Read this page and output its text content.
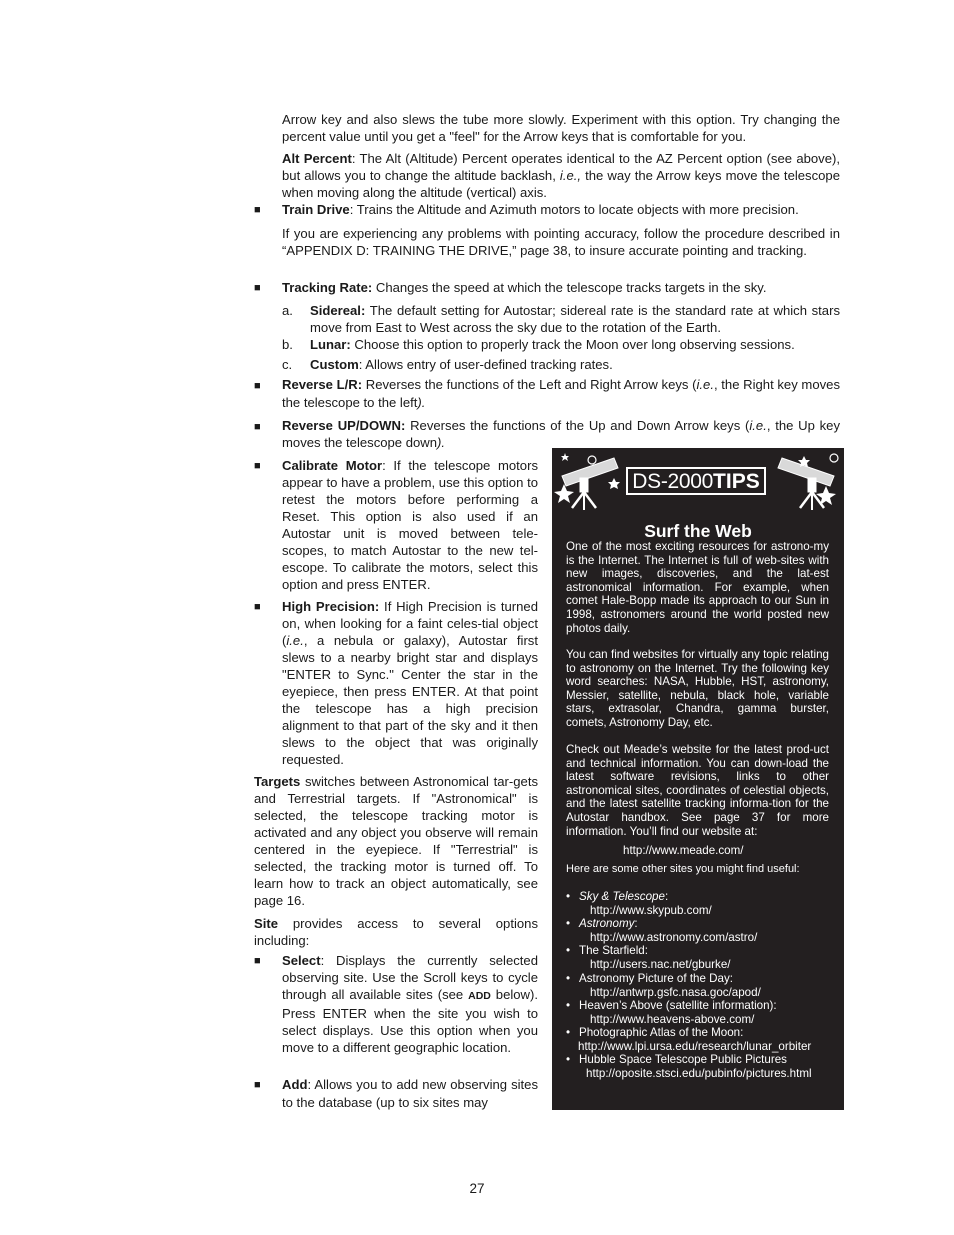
Arrow key and also slews the tube more slowly. Experiment with this option. Try changing the percent value until you get a "feel" for the Arrow keys that is comfortable for you.

Alt Percent: The Alt (Altitude) Percent operates identical to the AZ Percent option (see above), but allows you to change the altitude backlash, i.e., the way the Arrow keys move the telescope when moving along the altitude (vertical) axis.

■	Train Drive: Trains the Altitude and Azimuth motors to locate objects with more precision.

If you are experiencing any problems with pointing accuracy, follow the procedure described in “APPENDIX D: TRAINING THE DRIVE,” page 38, to insure accurate pointing and tracking.

■	Tracking Rate: Changes the speed at which the telescope tracks targets in the sky.

a.	Sidereal: The default setting for Autostar; sidereal rate is the standard rate at which stars move from East to West across the sky due to the rotation of the Earth.

b.	Lunar: Choose this option to properly track the Moon over long observing sessions.

c.	Custom: Allows entry of user-defined tracking rates.

■	Reverse L/R: Reverses the functions of the Left and Right Arrow keys (i.e., the Right key moves the telescope to the left).

■	Reverse UP/DOWN: Reverses the functions of the Up and Down Arrow keys (i.e., the Up key moves the telescope down).

■	Calibrate Motor: If the telescope motors appear to have a problem, use this option to retest the motors before performing a Reset. This option is also used if an Autostar unit is moved between tele-scopes, to match Autostar to the new tel-escope. To calibrate the motors, select this option and press ENTER.

■	High Precision: If High Precision is turned on, when looking for a faint celes-tial object (i.e., a nebula or galaxy), Autostar first slews to a nearby bright star and displays "ENTER to Sync." Center the star in the eyepiece, then press ENTER. At that point the telescope has a high precision alignment to that part of the sky and it then slews to the object that was originally requested.

Targets switches between Astronomical tar-gets and Terrestrial targets. If "Astronomical" is selected, the telescope tracking motor is activated and any object you observe will remain centered in the eyepiece. If "Terrestrial" is selected, the tracking motor is turned off. To learn how to track an object automatically, see page 16.

Site provides access to several options including:

■	Select: Displays the currently selected observing site. Use the Scroll keys to cycle through all available sites (see ADD below). Press ENTER when the site you wish to select displays. Use this option when you move to a different geographic location.

■	Add: Allows you to add new observing sites to the database (up to six sites may

DS-2000 TIPS
Surf the Web

One of the most exciting resources for astrono-my is the Internet. The Internet is full of web-sites with new images, discoveries, and the lat-est astronomical information. For example, when comet Hale-Bopp made its approach to our Sun in 1998, astronomers around the world posted new photos daily.

You can find websites for virtually any topic relating to astronomy on the Internet. Try the following key word searches: NASA, Hubble, HST, astronomy, Messier, satellite, nebula, black hole, variable stars, extrasolar, Chandra, gamma burster, comets, Astronomy Day, etc.

Check out Meade’s website for the latest prod-uct and technical information. You can down-load the latest software revisions, links to other astronomical sites, coordinates of celestial objects, and the latest satellite tracking informa-tion for the Autostar handbox. See page 37 for more information. You’ll find our website at:

http://www.meade.com/

Here are some other sites you might find useful:

• Sky & Telescope:
http://www.skypub.com/
• Astronomy:
http://www.astronomy.com/astro/
• The Starfield:
http://users.nac.net/gburke/
• Astronomy Picture of the Day:
http://antwrp.gsfc.nasa.goc/apod/
• Heaven’s Above (satellite information):
http://www.heavens-above.com/
• Photographic Atlas of the Moon:
http://www.lpi.ursa.edu/research/lunar_orbiter
• Hubble Space Telescope Public Pictures
http://oposite.stsci.edu/pubinfo/pictures.html
27
